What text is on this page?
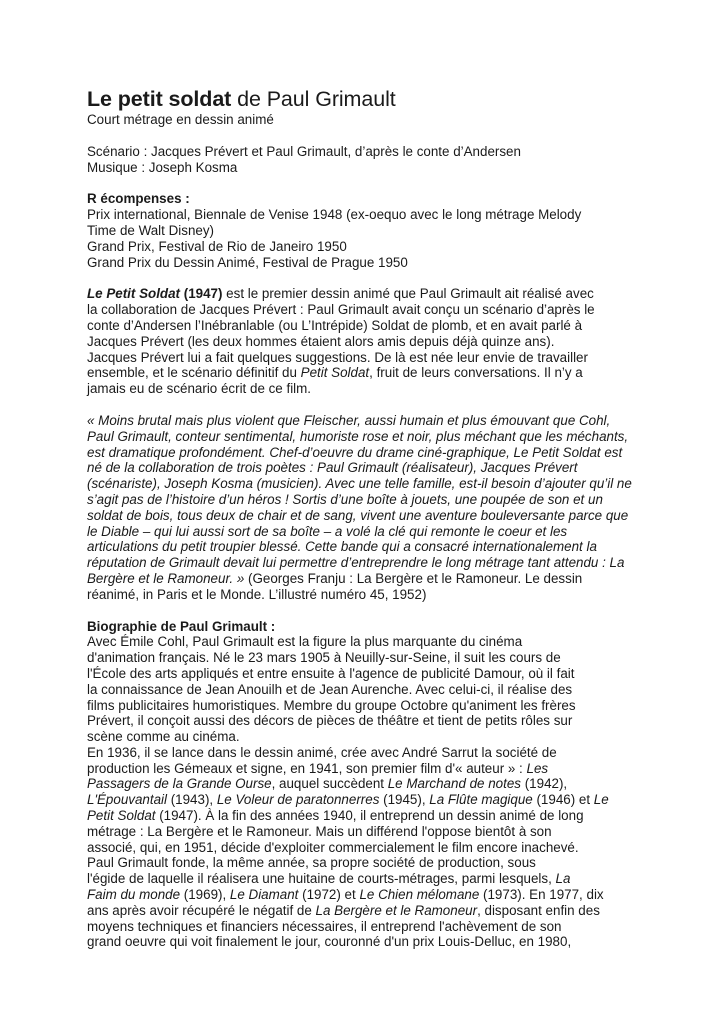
Le petit soldat de Paul Grimault
Court métrage en dessin animé
Scénario : Jacques Prévert et Paul Grimault, d’après le conte d’Andersen
Musique : Joseph Kosma
R écompenses :
Prix international, Biennale de Venise 1948 (ex-oequo avec le long métrage Melody
Time de Walt Disney)
Grand Prix, Festival de Rio de Janeiro 1950
Grand Prix du Dessin Animé, Festival de Prague 1950
Le Petit Soldat (1947) est le premier dessin animé que Paul Grimault ait réalisé avec
la collaboration de Jacques Prévert : Paul Grimault avait conçu un scénario d’après le
conte d’Andersen l’Inébranlable (ou L’Intrépide) Soldat de plomb, et en avait parlé à
Jacques Prévert (les deux hommes étaient alors amis depuis déjà quinze ans).
Jacques Prévert lui a fait quelques suggestions. De là est née leur envie de travailler
ensemble, et le scénario définitif du Petit Soldat, fruit de leurs conversations. Il n’y a
jamais eu de scénario écrit de ce film.
« Moins brutal mais plus violent que Fleischer, aussi humain et plus émouvant que Cohl,
Paul Grimault, conteur sentimental, humoriste rose et noir, plus méchant que les méchants,
est dramatique profondément. Chef-d’oeuvre du drame ciné-graphique, Le Petit Soldat est
né de la collaboration de trois poètes : Paul Grimault (réalisateur), Jacques Prévert
(scénariste), Joseph Kosma (musicien). Avec une telle famille, est-il besoin d’ajouter qu’il ne
s’agit pas de l’histoire d’un héros ! Sortis d’une boîte à jouets, une poupée de son et un
soldat de bois, tous deux de chair et de sang, vivent une aventure bouleversante parce que
le Diable – qui lui aussi sort de sa boîte – a volé la clé qui remonte le coeur et les
articulations du petit troupier blessé. Cette bande qui a consacré internationalement la
réputation de Grimault devait lui permettre d’entreprendre le long métrage tant attendu : La
Bergère et le Ramoneur. » (Georges Franju : La Bergère et le Ramoneur. Le dessin
réanimé, in Paris et le Monde. L’illustré numéro 45, 1952)
Biographie de Paul Grimault :
Avec Émile Cohl, Paul Grimault est la figure la plus marquante du cinéma
d'animation français. Né le 23 mars 1905 à Neuilly-sur-Seine, il suit les cours de
l'École des arts appliqués et entre ensuite à l'agence de publicité Damour, où il fait
la connaissance de Jean Anouilh et de Jean Aurenche. Avec celui-ci, il réalise des
films publicitaires humoristiques. Membre du groupe Octobre qu'animent les frères
Prévert, il conçoit aussi des décors de pièces de théâtre et tient de petits rôles sur
scène comme au cinéma.
En 1936, il se lance dans le dessin animé, crée avec André Sarrut la société de
production les Gémeaux et signe, en 1941, son premier film d'« auteur » : Les
Passagers de la Grande Ourse, auquel succèdent Le Marchand de notes (1942),
L'Épouvantail (1943), Le Voleur de paratonnerres (1945), La Flûte magique (1946) et Le
Petit Soldat (1947). À la fin des années 1940, il entreprend un dessin animé de long
métrage : La Bergère et le Ramoneur. Mais un différend l'oppose bientôt à son
associé, qui, en 1951, décide d'exploiter commercialement le film encore inachevé.
Paul Grimault fonde, la même année, sa propre société de production, sous
l'égide de laquelle il réalisera une huitaine de courts-métrages, parmi lesquels, La
Faim du monde (1969), Le Diamant (1972) et Le Chien mélomane (1973). En 1977, dix
ans après avoir récupéré le négatif de La Bergère et le Ramoneur, disposant enfin des
moyens techniques et financiers nécessaires, il entreprend l'achèvement de son
grand oeuvre qui voit finalement le jour, couronné d'un prix Louis-Delluc, en 1980,
